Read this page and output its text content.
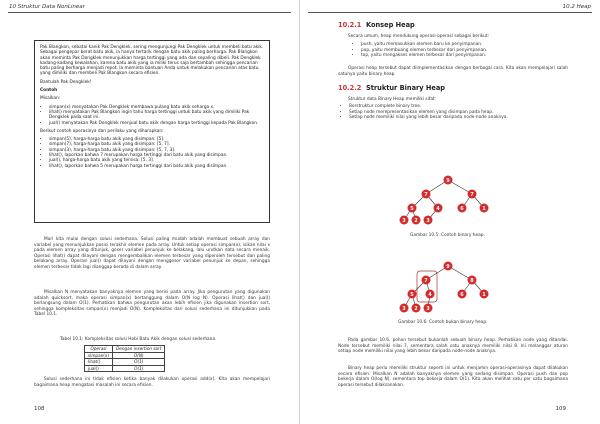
10 Struktur Data NonLinear

Pak Blangkon, sebatai kanik Pak Dengklek, sering mengunjungi Pak Dengklek untuk membeli batu akik. Sebagai pengepar berat batu akik, ia hanya tertarik dengan batu akik paling berharga. Pak Blangkon akan meminta Pak Dengklek menunjukkan harga tertinggi yang ada dan sepaling dibeli. Pak Dengklek kadang-kadang kewalahan, karena batu akik yang ia miliki terus saja bertambah sehingga pencarian batu paling berharga menjadi repot. Ia meminta bantuan Anda untuk melakukan pencarian atas batu yang dimiliki dan membeli Pak Blangkon secara efisien.

Bantulah Pak Dengklek!

Contoh

Misalkan:

• simpan(x) menyatakan Pak Dengklek membawa pulang batu akik seharga x.
• lihat() menyatakan Pak Blangkon ingin tahu harga tertinggi untuk batu akik yang dimiliki Pak Dengklek pada saat ini.
• jual() menyatakan Pak Dengklek menjual batu akik dengan harga tertinggi kepada Pak Blangkon.

Berikut contoh operasinya dan perilaku yang diharapkan:

• simpan(5), harga-harga batu akik yang disimpan: [5].
• simpan(7), harga-harga batu akik yang disimpan: [5, 7].
• simpan(3), harga-harga batu akik yang disimpan: [5, 7, 3].
• lihat(), laporkan bahwa 7 merupakan harga tertinggi dari batu akik yang disimpan.
• jual(), harga-harga batu akik yang tersisa: [5, 3].
• lihat(), laporkan bahwa 5 merupakan harga tertinggi dari batu akik yang disimpan.
Mari kita mulai dengan solusi sederhana. Solusi paling mudah adalah membuat sebuah array dan variabel yang menunjukkan posisi terakhir elemen pada array. Untuk setiap operasi simpan(x), isikan nilai x pada elemen array yang ditunjuk, geser variabel penunjuk ke belakang, lalu urutkan data secara menaik. Operasi lihat() dapat dilayani dengan mengembalikan elemen terbesar yang diperoleh tersebut dan paling belakang array. Operasi jual() dapat dilayani dengan menggeser variabel penunjuk ke depan, sehingga elemen terbesar tidak lagi dianggap berada di dalam array.
Misalkan N menyatakan banyaknya elemen yang berisi pada array. Jika pengurutan yang digunakan adalah quicksort, maka operasi simpan(x) bertanggung dalam O(N log N). Operasi lihat() dan jual() berlangsung dalam O(1). Perhatikan bahwa pengurutan akan lebih efisien jika digunakan insertion sort, sehingga kompleksitas simpan(x) menjadi O(N). Kompleksitas dari solusi sederhana ini ditunjukkan pada Tabel 10.1.
Tabel 10.1: Kompleksitas solusi Hobi Batu Akik dengan solusi sederhana.
Operasi	Dengan insertion sort
simpan(x)	O(N)
lihat()	O(1)
jual()	O(1)
Solusi sederhana ini tidak efisien ketika banyak dilakukan operasi add(x). Kita akan mempelajari bagaimana heap mengatasi masalah ini secara efisien.
108
10.2 Heap
10.2.1 Konsep Heap
Secara umum, heap mendukung operasi-operasi sebagai berikut:
• push, yaitu memasukkan elemen baru ke penyimpanan.
• pop, yaitu membuang elemen terbesar dari penyimpanan.
• top, yaitu mengakses elemen terbesar dari penyimpanan.
Operasi heap tersebut dapat diimplementasikan dengan berbagai cara. Kita akan mempelajari salah satunya yaitu binary heap.
10.2.2 Struktur Binary Heap
Struktur data Binary Heap memiliki sifat:
• Berstruktur complete binary tree.
• Setiap node merepresentasikan elemen yang disimpan pada heap.
• Setiap node memiliki nilai yang lebih besar daripada node-node anaknya.
9
7	7
5	4	6	1
3 2 3
Gambar 10.5: Contoh binary heap.
9
7	8
5	4	6	1
3 2 3
Gambar 10.6: Contoh bukan binary heap.
Pada gambar 10.6, pohon tersebut bukanlah sebuah binary heap. Perhatikan node yang ditandai. Node tersebut memiliki nilai 7, sementara salah satu anaknya memiliki nilai 8. Ini melanggar aturan setiap node memiliki nilai yang lebih besar daripada node-node anaknya.
Binary heap perlu memiliki struktur seperti ini untuk menjamin operasi-operasinya dapat dilakukan secara efisien. Misalkan N adalah banyaknya elemen yang sedang disimpan. Operasi push dan pop bekerja dalam O(log N), sementara top bekerja dalam O(1). Kita akan melihat satu per satu bagaimana operasi tersebut dilaksanakan.
109
